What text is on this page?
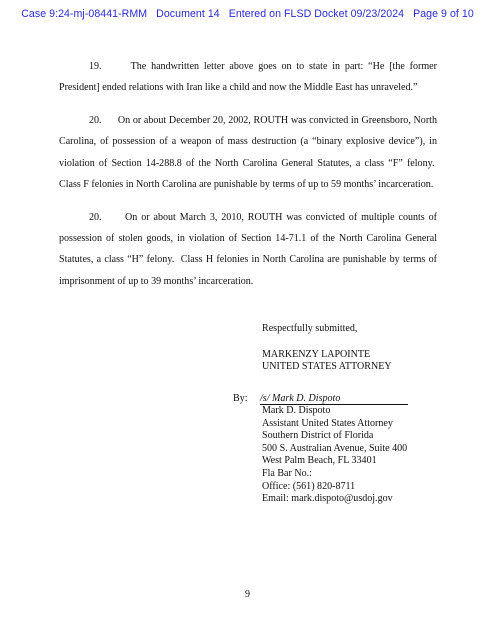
Case 9:24-mj-08441-RMM Document 14 Entered on FLSD Docket 09/23/2024 Page 9 of 10

19.      The handwritten letter above goes on to state in part: “He [the former President] ended relations with Iran like a child and now the Middle East has unraveled.”

20.      On or about December 20, 2002, ROUTH was convicted in Greensboro, North Carolina, of possession of a weapon of mass destruction (a “binary explosive device”), in violation of Section 14-288.8 of the North Carolina General Statutes, a class “F” felony.  Class F felonies in North Carolina are punishable by terms of up to 59 months’ incarceration.

20.      On or about March 3, 2010, ROUTH was convicted of multiple counts of possession of stolen goods, in violation of Section 14-71.1 of the North Carolina General Statutes, a class “H” felony.  Class H felonies in North Carolina are punishable by terms of imprisonment of up to 39 months’ incarceration.

Respectfully submitted,
MARKENZY LAPOINTE
UNITED STATES ATTORNEY
By: /s/ Mark D. Dispoto
Mark D. Dispoto
Assistant United States Attorney
Southern District of Florida
500 S. Australian Avenue, Suite 400
West Palm Beach, FL 33401
Fla Bar No.:
Office: (561) 820-8711
Email: mark.dispoto@usdoj.gov
9
